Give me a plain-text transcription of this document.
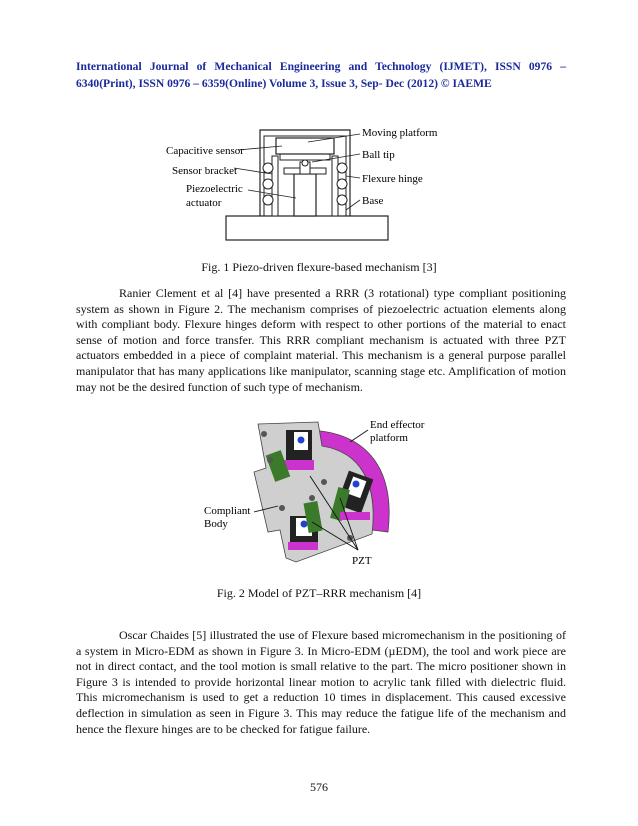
International Journal of Mechanical Engineering and Technology (IJMET), ISSN 0976 – 6340(Print), ISSN 0976 – 6359(Online) Volume 3, Issue 3, Sep- Dec (2012) © IAEME
Capacitive sensor
Sensor bracket
Piezoelectric
actuator
Moving platform
Ball tip
Flexure hinge
Base
Fig. 1 Piezo-driven flexure-based mechanism [3]

Ranier Clement et al [4] have presented a RRR (3 rotational) type compliant positioning system as shown in Figure 2. The mechanism comprises of piezoelectric actuation elements along with compliant body. Flexure hinges deform with respect to other portions of the material to enact sense of motion and force transfer. This RRR compliant mechanism is actuated with three PZT actuators embedded in a piece of complaint material. This mechanism is a general purpose parallel manipulator that has many applications like manipulator, scanning stage etc. Amplification of motion may not be the desired function of such type of mechanism.

End effector
platform
Compliant
Body
PZT
Fig. 2 Model of PZT–RRR mechanism [4]

Oscar Chaides [5] illustrated the use of Flexure based micromechanism in the positioning of a system in Micro-EDM as shown in Figure 3. In Micro-EDM (µEDM), the tool and work piece are not in direct contact, and the tool motion is small relative to the part. The micro positioner shown in Figure 3 is intended to provide horizontal linear motion to acrylic tank filled with dielectric fluid. This micromechanism is used to get a reduction 10 times in displacement. This caused excessive deflection in simulation as seen in Figure 3. This may reduce the fatigue life of the mechanism and hence the flexure hinges are to be checked for fatigue failure.

576
